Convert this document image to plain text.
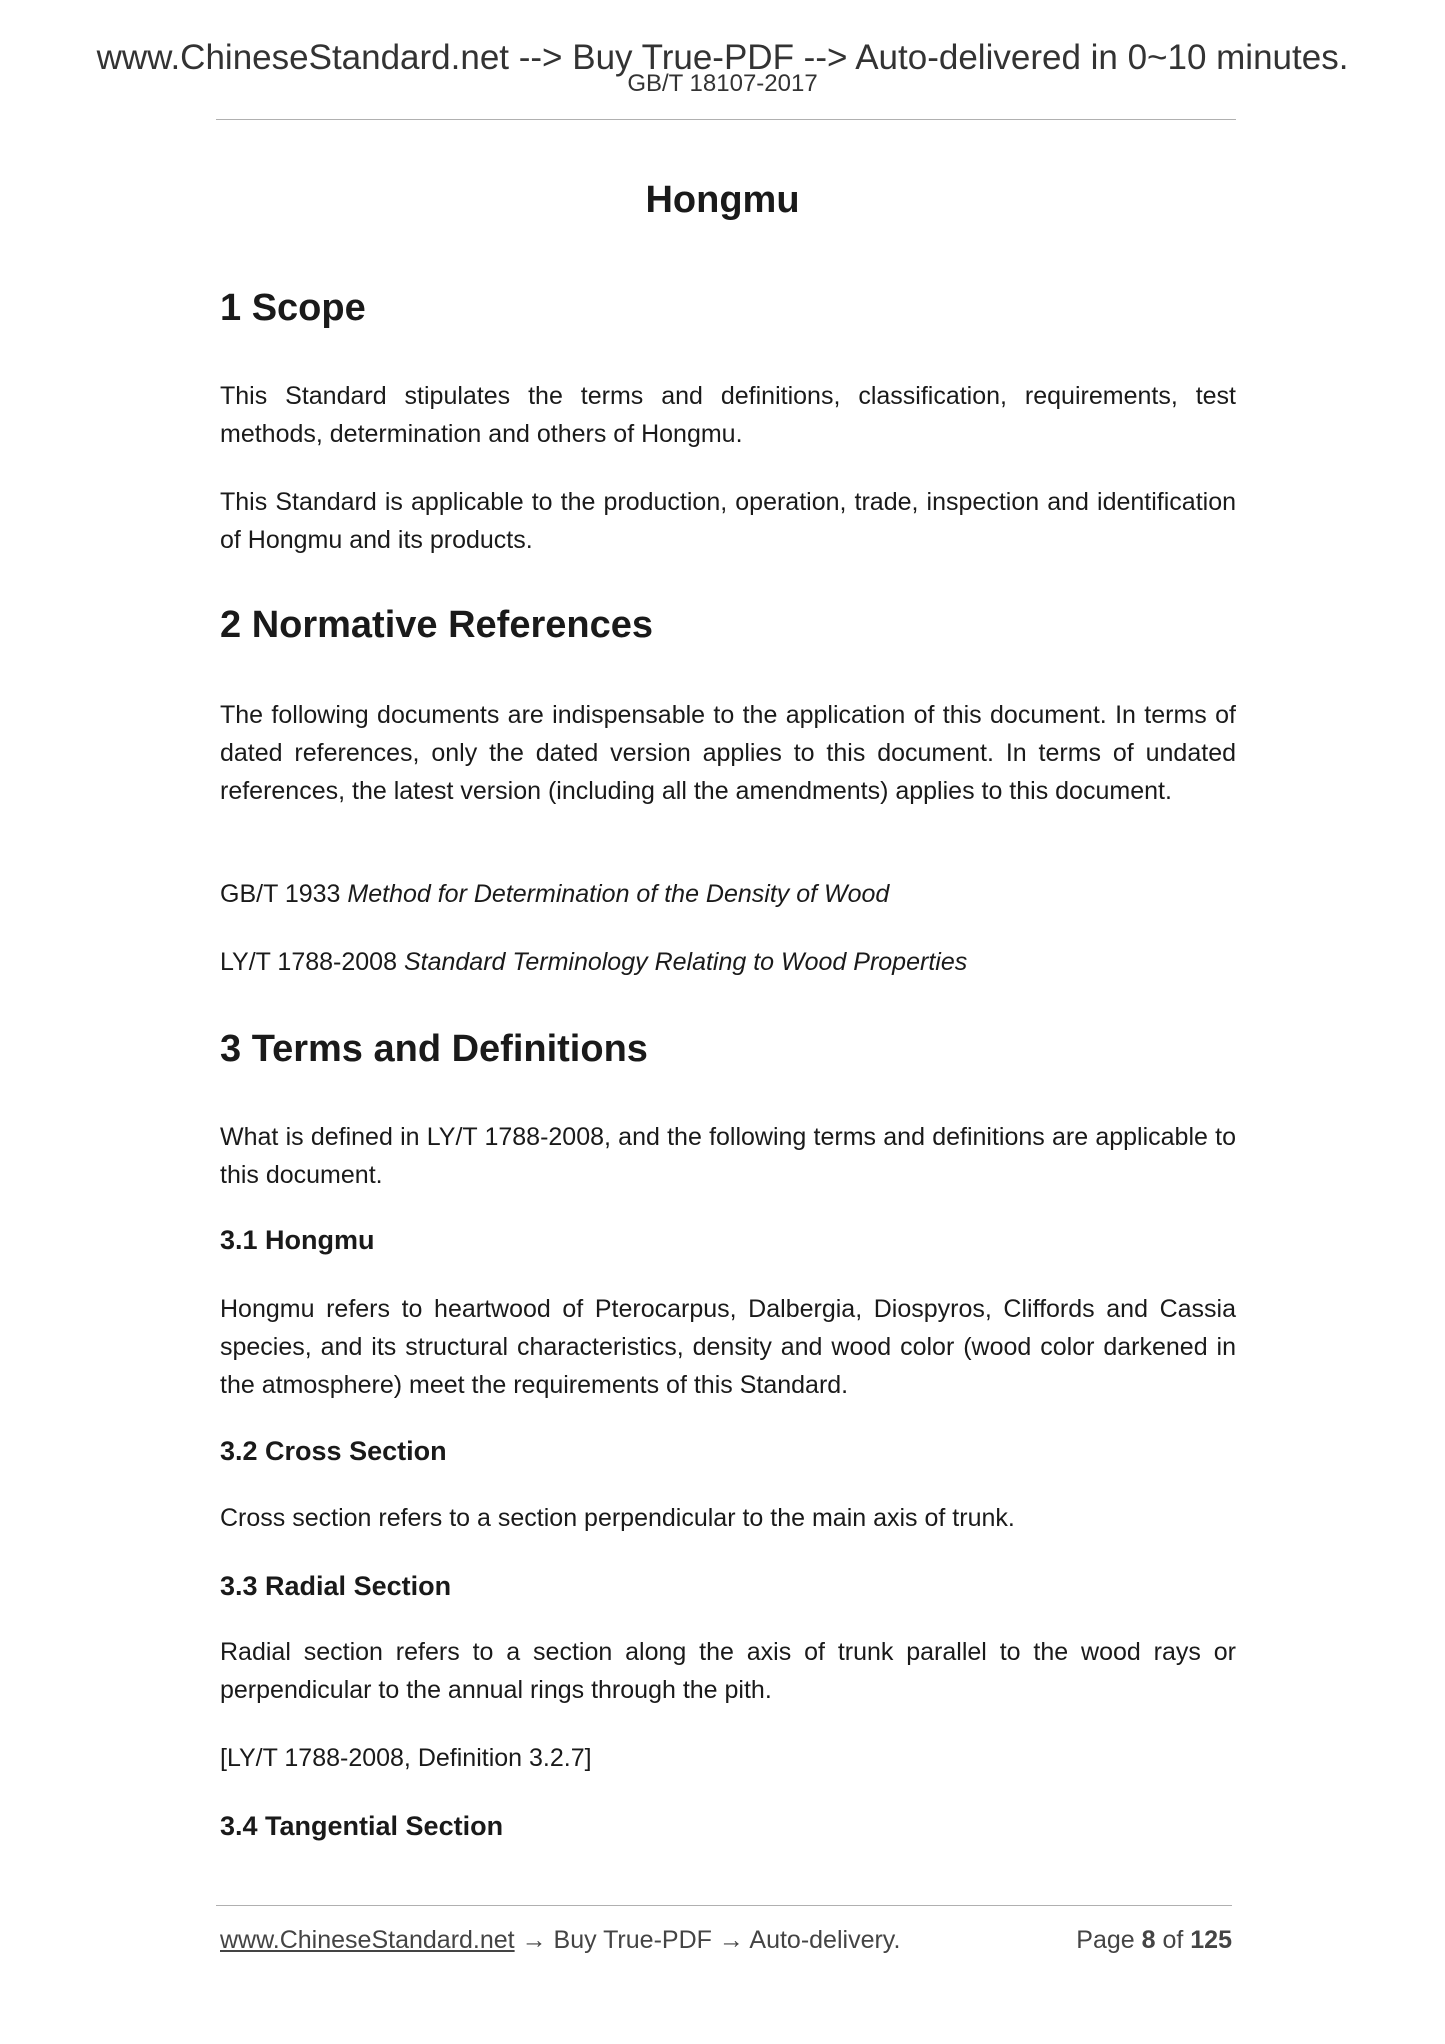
www.ChineseStandard.net --> Buy True-PDF --> Auto-delivered in 0~10 minutes.
GB/T 18107-2017
Hongmu
1 Scope
This Standard stipulates the terms and definitions, classification, requirements, test methods, determination and others of Hongmu.
This Standard is applicable to the production, operation, trade, inspection and identification of Hongmu and its products.
2 Normative References
The following documents are indispensable to the application of this document. In terms of dated references, only the dated version applies to this document. In terms of undated references, the latest version (including all the amendments) applies to this document.
GB/T 1933 Method for Determination of the Density of Wood
LY/T 1788-2008 Standard Terminology Relating to Wood Properties
3 Terms and Definitions
What is defined in LY/T 1788-2008, and the following terms and definitions are applicable to this document.
3.1 Hongmu
Hongmu refers to heartwood of Pterocarpus, Dalbergia, Diospyros, Cliffords and Cassia species, and its structural characteristics, density and wood color (wood color darkened in the atmosphere) meet the requirements of this Standard.
3.2 Cross Section
Cross section refers to a section perpendicular to the main axis of trunk.
3.3 Radial Section
Radial section refers to a section along the axis of trunk parallel to the wood rays or perpendicular to the annual rings through the pith.
[LY/T 1788-2008, Definition 3.2.7]
3.4 Tangential Section
www.ChineseStandard.net → Buy True-PDF → Auto-delivery.	Page 8 of 125
